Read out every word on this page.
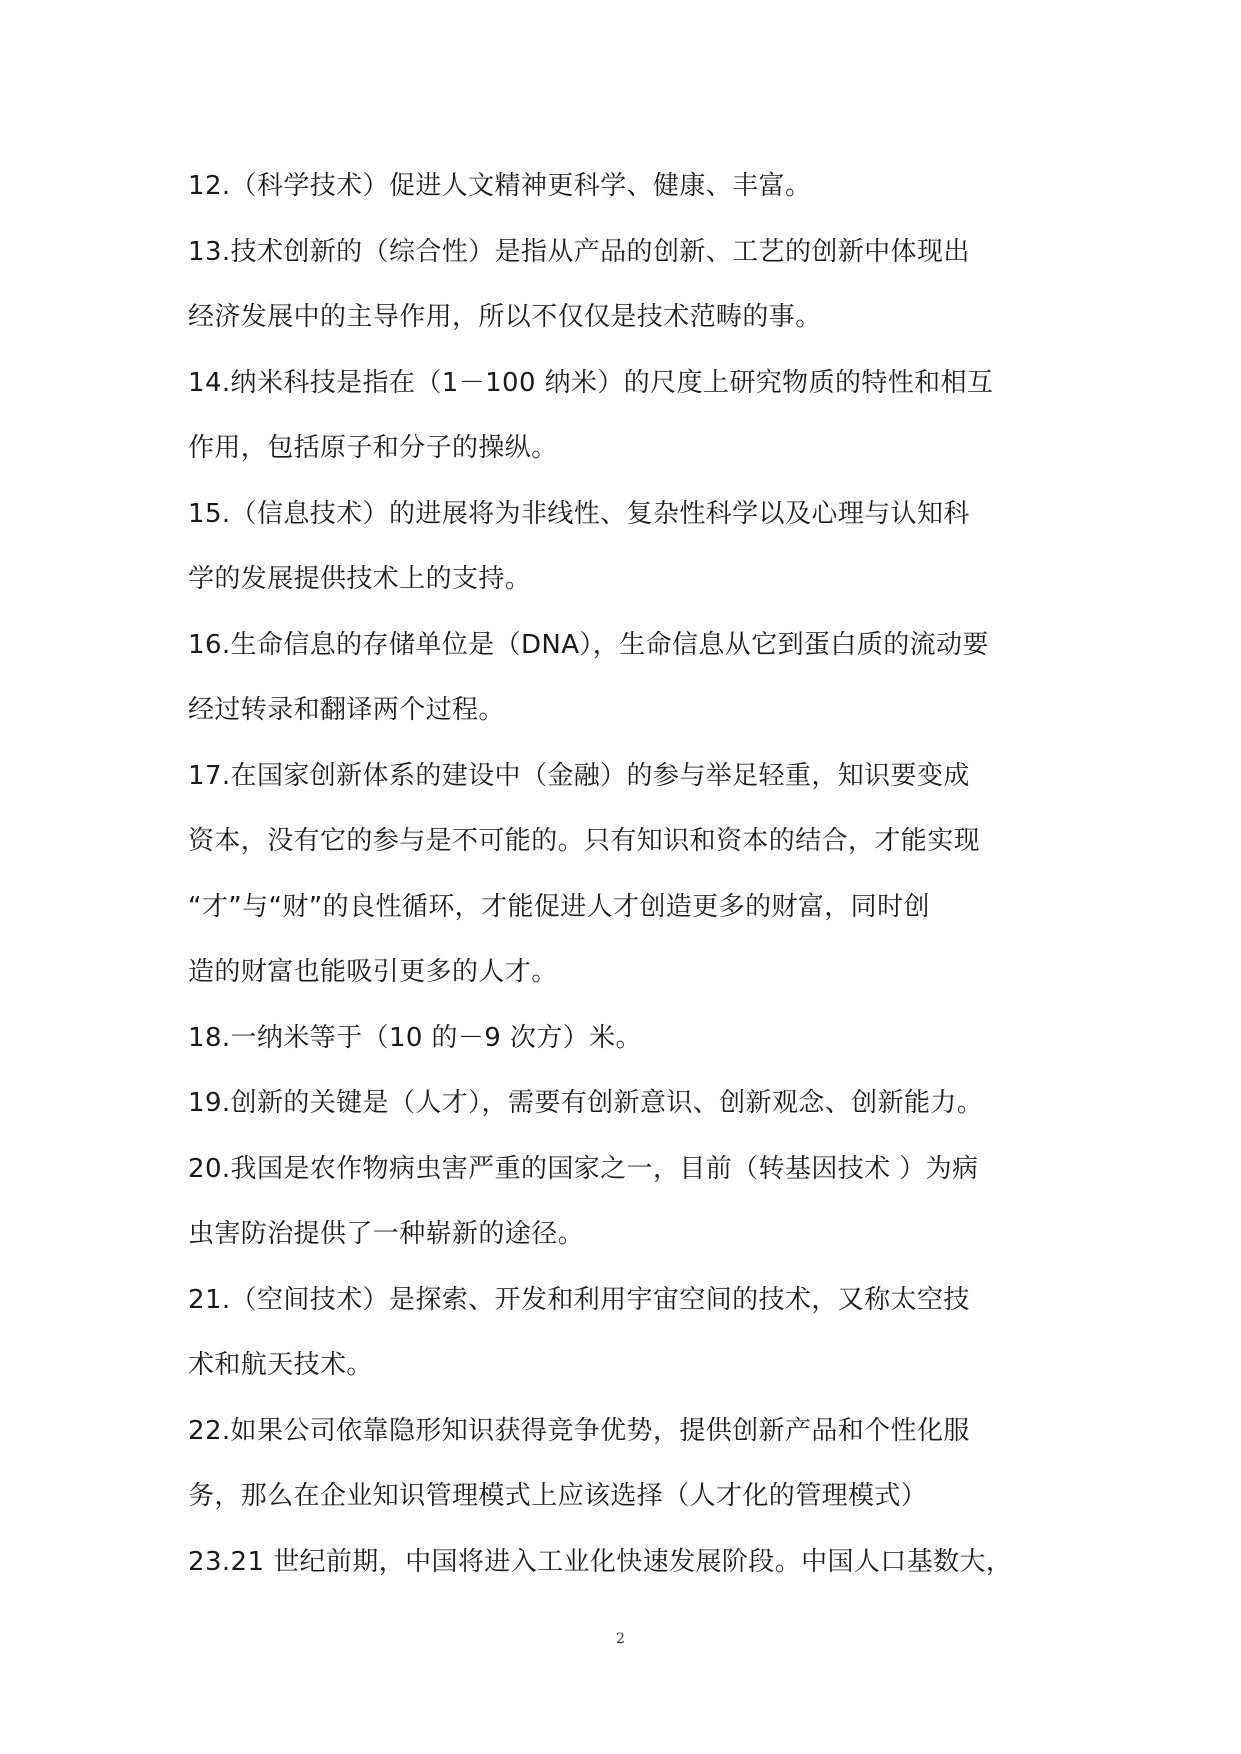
12.（科学技术）促进人文精神更科学、健康、丰富。
13.技术创新的（综合性）是指从产品的创新、工艺的创新中体现出
经济发展中的主导作用，所以不仅仅是技术范畴的事。
14.纳米科技是指在（1－100 纳米）的尺度上研究物质的特性和相互
作用，包括原子和分子的操纵。
15.（信息技术）的进展将为非线性、复杂性科学以及心理与认知科
学的发展提供技术上的支持。
16.生命信息的存储单位是（DNA），生命信息从它到蛋白质的流动要
经过转录和翻译两个过程。
17.在国家创新体系的建设中（金融）的参与举足轻重，知识要变成
资本，没有它的参与是不可能的。只有知识和资本的结合，才能实现
“才”与“财”的良性循环，才能促进人才创造更多的财富，同时创
造的财富也能吸引更多的人才。
18.一纳米等于（10 的－9 次方）米。
19.创新的关键是（人才），需要有创新意识、创新观念、创新能力。
20.我国是农作物病虫害严重的国家之一，目前（转基因技术 ）为病
虫害防治提供了一种崭新的途径。
21.（空间技术）是探索、开发和利用宇宙空间的技术，又称太空技
术和航天技术。
22.如果公司依靠隐形知识获得竞争优势，提供创新产品和个性化服
务，那么在企业知识管理模式上应该选择（人才化的管理模式）
23.21 世纪前期，中国将进入工业化快速发展阶段。中国人口基数大，
2
